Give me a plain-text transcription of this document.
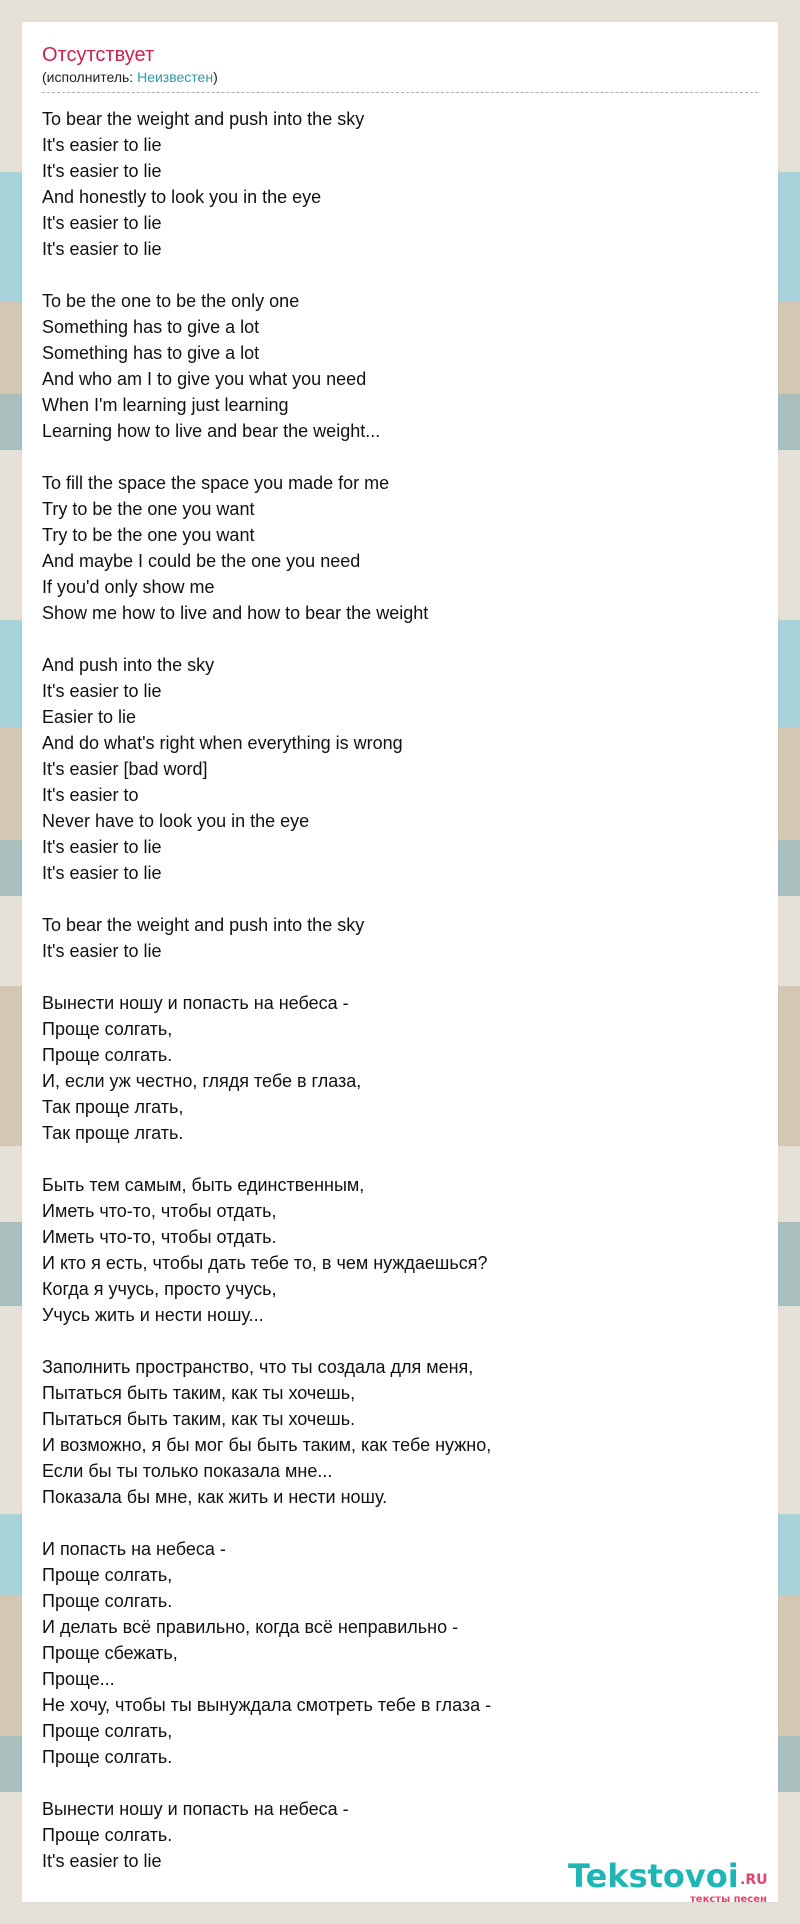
Отсутствует
(исполнитель: Неизвестен)
To bear the weight and push into the sky
It's easier to lie
It's easier to lie
And honestly to look you in the eye
It's easier to lie
It's easier to lie
To be the one to be the only one
Something has to give a lot
Something has to give a lot
And who am I to give you what you need
When I'm learning just learning
Learning how to live and bear the weight...
To fill the space the space you made for me
Try to be the one you want
Try to be the one you want
And maybe I could be the one you need
If you'd only show me
Show me how to live and how to bear the weight
And push into the sky
It's easier to lie
Easier to lie
And do what's right when everything is wrong
It's easier [bad word]
It's easier to
Never have to look you in the eye
It's easier to lie
It's easier to lie
To bear the weight and push into the sky
It's easier to lie
Вынести ношу и попасть на небеса -
Проще солгать,
Проще солгать.
И, если уж честно, глядя тебе в глаза,
Так проще лгать,
Так проще лгать.
Быть тем самым, быть единственным,
Иметь что-то, чтобы отдать,
Иметь что-то, чтобы отдать.
И кто я есть, чтобы дать тебе то, в чем нуждаешься?
Когда я учусь, просто учусь,
Учусь жить и нести ношу...
Заполнить пространство, что ты создала для меня,
Пытаться быть таким, как ты хочешь,
Пытаться быть таким, как ты хочешь.
И возможно, я бы мог бы быть таким, как тебе нужно,
Если бы ты только показала мне...
Показала бы мне, как жить и нести ношу.
И попасть на небеса -
Проще солгать,
Проще солгать.
И делать всё правильно, когда всё неправильно -
Проще сбежать,
Проще...
Не хочу, чтобы ты вынуждала смотреть тебе в глаза -
Проще солгать,
Проще солгать.
Вынести ношу и попасть на небеса -
Проще солгать.
It's easier to lie	Tekstovoi .RU
тексты песен
